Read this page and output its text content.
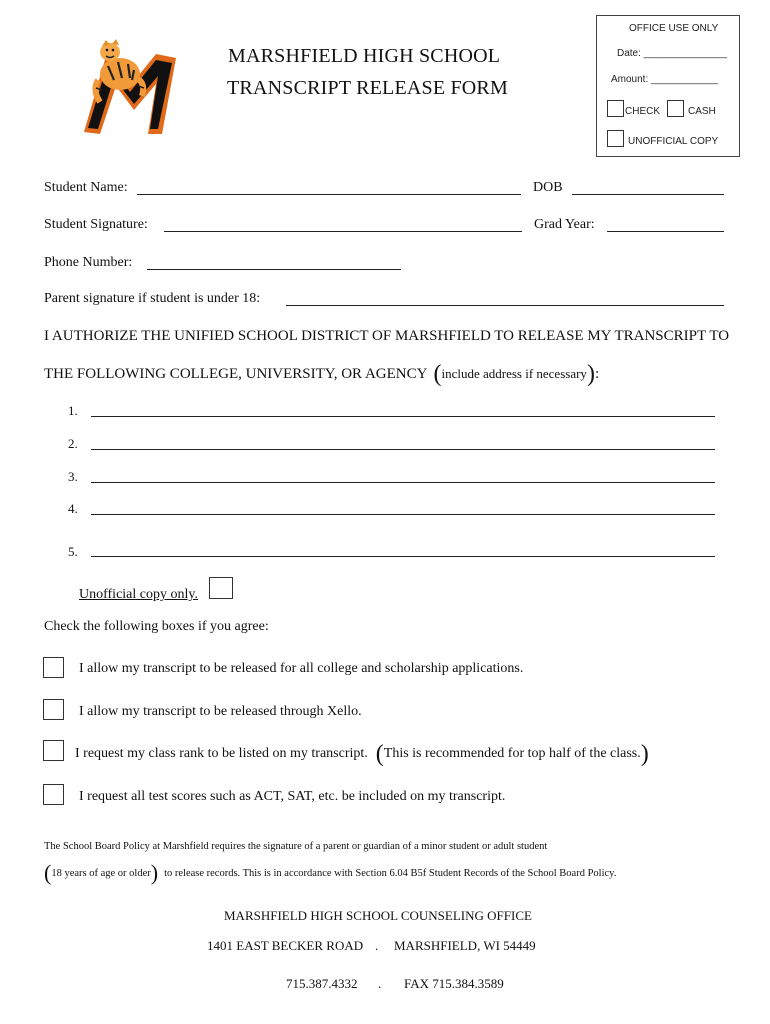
MARSHFIELD HIGH SCHOOL
TRANSCRIPT RELEASE FORM
OFFICE USE ONLY
Date: _______________
Amount: ____________
CHECK	CASH
UNOFFICIAL COPY
Student Name:	DOB
Student Signature:	Grad Year:
Phone Number:
Parent signature if student is under 18:
I AUTHORIZE THE UNIFIED SCHOOL DISTRICT OF MARSHFIELD TO RELEASE MY TRANSCRIPT TO
THE FOLLOWING COLLEGE, UNIVERSITY, OR AGENCY ( include address if necessary ) :
1.
2.
3.
4.
5.
Unofficial copy only.
Check the following boxes if you agree:
I allow my transcript to be released for all college and scholarship applications.
I allow my transcript to be released through Xello.
I request my class rank to be listed on my transcript. ( This is recommended for top half of the class. )
I request all test scores such as ACT, SAT, etc. be included on my transcript.
The School Board Policy at Marshfield requires the signature of a parent or guardian of a minor student or adult student
( 18 years of age or older ) to release records. This is in accordance with Section 6.04 B5f Student Records of the School Board Policy.
MARSHFIELD HIGH SCHOOL COUNSELING OFFICE
1401 EAST BECKER ROAD . MARSHFIELD, WI 54449
715.387.4332 . FAX 715.384.3589
